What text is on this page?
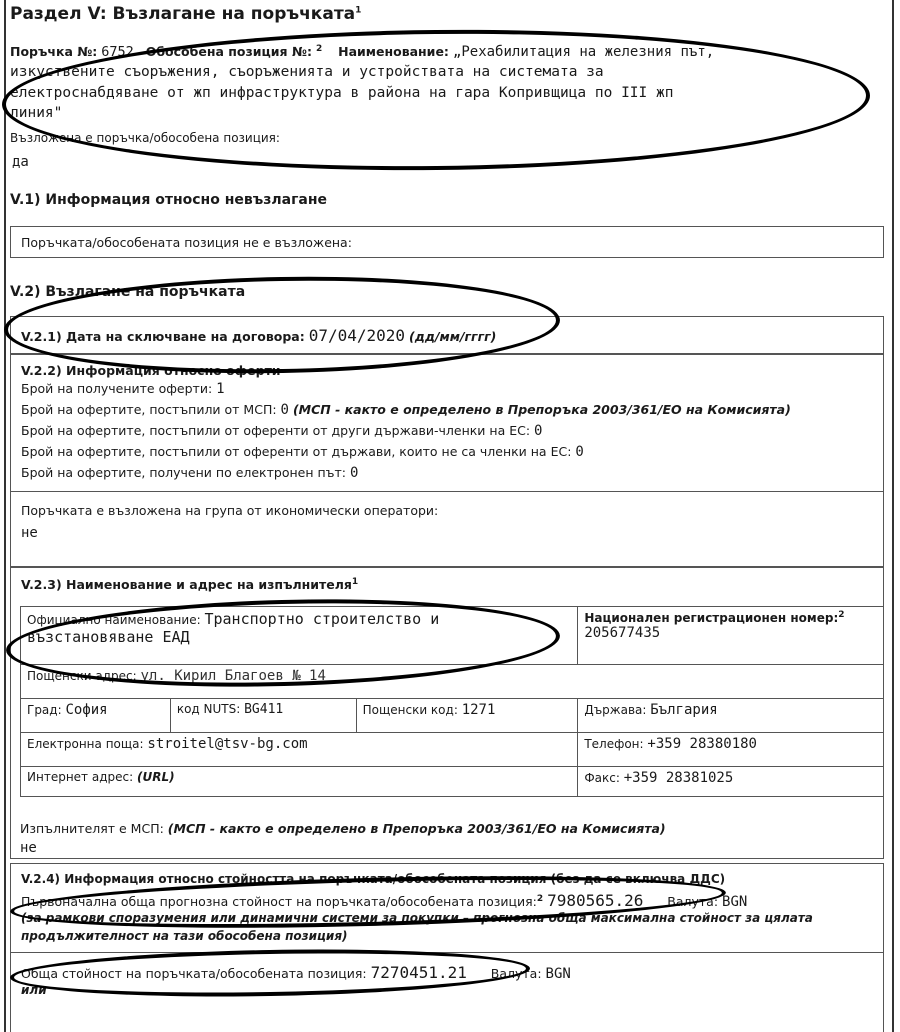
Раздел V: Възлагане на поръчката$^1$
Поръчка №: 6752 Обособена позиция №: $^2$ Наименование: „Рехабилитация на железния път,
изкуствените съоръжения, съоръженията и устройствата на системата за
електроснабдяване от жп инфраструктура в района на гара Копривщица по III жп
линия"
Възложена е поръчка/обособена позиция:
да
V.1) Информация относно невъзлагане
Поръчката/обособената позиция не е възложена:
V.2) Възлагане на поръчката
V.2.1) Дата на сключване на договора: 07/04/2020 (дд/мм/гггг)
V.2.2) Информация относно оферти
Брой на получените оферти: 1
Брой на офертите, постъпили от МСП: 0 (МСП - както е определено в Препоръка 2003/361/ЕО на Комисията)
Брой на офертите, постъпили от оференти от други държави-членки на ЕС: 0
Брой на офертите, постъпили от оференти от държави, които не са членки на ЕС: 0
Брой на офертите, получени по електронен път: 0
Поръчката е възложена на група от икономически оператори:
не
V.2.3) Наименование и адрес на изпълнителя$^1$
Официално наименование: Транспортно строителство и
възстановяване ЕАД			Национален регистрационен номер:$^2$
205677435
Пощенски адрес: ул. Кирил Благоев № 14			
Град: София	код NUTS: BG411	Пощенски код: 1271	Държава: България
Електронна поща: stroitel@tsv-bg.com			Телефон: +359 28380180
Интернет адрес: (URL)			Факс: +359 28381025
Изпълнителят е МСП: (МСП - както е определено в Препоръка 2003/361/ЕО на Комисията)
не
V.2.4) Информация относно стойността на поръчката/обособената позиция (без да се включва ДДС)
Първоначална обща прогнозна стойност на поръчката/обособената позиция:$^2$ 7980565.26 Валута: BGN
(за рамкови споразумения или динамични системи за покупки – прогнозна обща максимална стойност за цялата
продължителност на тази обособена позиция)
Обща стойност на поръчката/обособената позиция: 7270451.21 Валута: BGN
или
